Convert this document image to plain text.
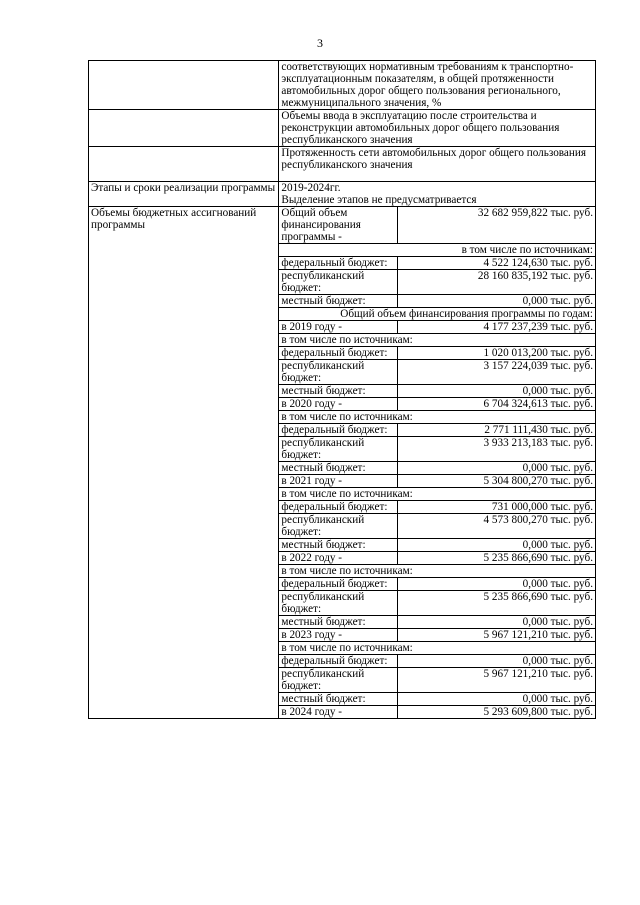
3
	соответствующих нормативным требованиям к транспортно-эксплуатационным показателям, в общей протяженности автомобильных дорог общего пользования регионального, межмуниципального значения, %	
	Объемы ввода в эксплуатацию после строительства и реконструкции автомобильных дорог общего пользования республиканского значения	
	Протяженность сети автомобильных дорог общего пользования республиканского значения	
Этапы и сроки реализации программы	2019-2024гг.
Выделение этапов не предусматривается	

Объемы бюджетных ассигнований программы	Общий объем финансирования программы -	32 682 959,822 тыс. руб.
	в том числе по источникам:	
	федеральный бюджет:	4 522 124,630 тыс. руб.
	республиканский бюджет:	28 160 835,192 тыс. руб.
	местный бюджет:	0,000 тыс. руб.
	Общий объем финансирования программы по годам:	
	в 2019 году -	4 177 237,239 тыс. руб.
	в том числе по источникам:	
	федеральный бюджет:	1 020 013,200 тыс. руб.
	республиканский бюджет:	3 157 224,039 тыс. руб.
	местный бюджет:	0,000 тыс. руб.
	в 2020 году -	6 704 324,613 тыс. руб.
	в том числе по источникам:	
	федеральный бюджет:	2 771 111,430 тыс. руб.
	республиканский бюджет:	3 933 213,183 тыс. руб.
	местный бюджет:	0,000 тыс. руб.
	в 2021 году -	5 304 800,270 тыс. руб.
	в том числе по источникам:	
	федеральный бюджет:	731 000,000 тыс. руб.
	республиканский бюджет:	4 573 800,270 тыс. руб.
	местный бюджет:	0,000 тыс. руб.
	в 2022 году -	5 235 866,690 тыс. руб.
	в том числе по источникам:	
	федеральный бюджет:	0,000 тыс. руб.
	республиканский бюджет:	5 235 866,690 тыс. руб.
	местный бюджет:	0,000 тыс. руб.
	в 2023 году -	5 967 121,210 тыс. руб.
	в том числе по источникам:	
	федеральный бюджет:	0,000 тыс. руб.
	республиканский бюджет:	5 967 121,210 тыс. руб.
	местный бюджет:	0,000 тыс. руб.
	в 2024 году -	5 293 609,800 тыс. руб.
